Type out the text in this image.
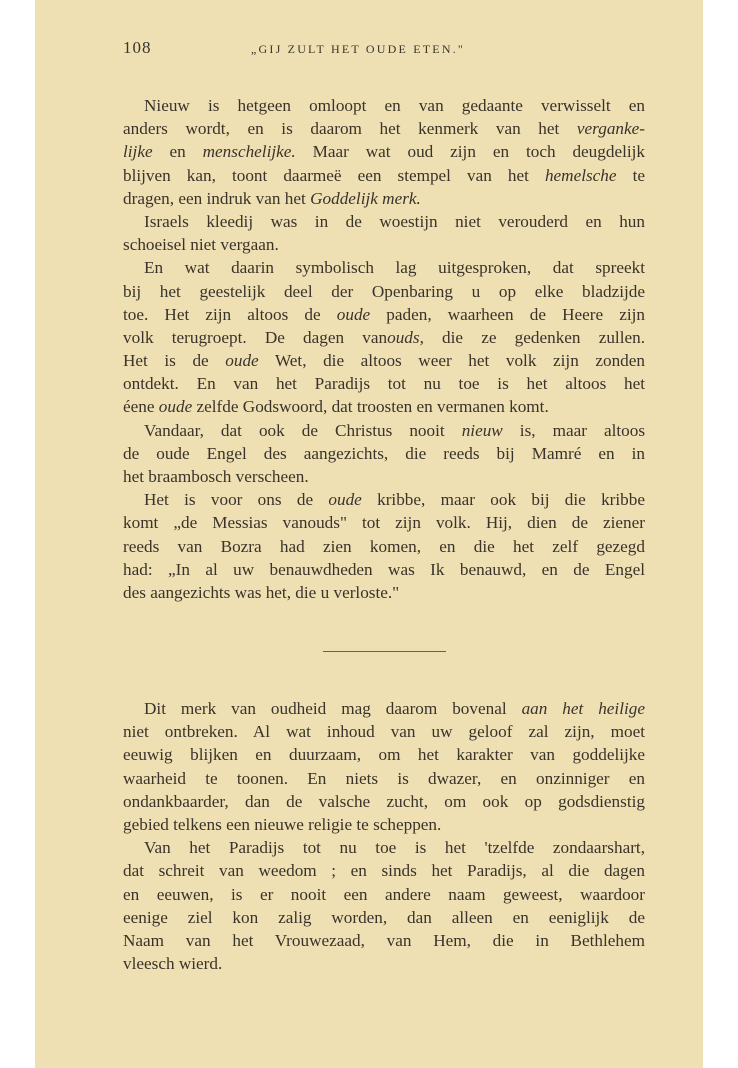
108	„GIJ ZULT HET OUDE ETEN."
Nieuw is hetgeen omloopt en van gedaante verwisselt en
anders wordt, en is daarom het kenmerk van het vergankе-
lijke en menschelijke. Maar wat oud zijn en toch deugdelijk
blijven kan, toont daarmeë een stempel van het hemelsche te
dragen, een indruk van het Goddelijk merk.
Israels kleedij was in de woestijn niet verouderd en hun
schoeisel niet vergaan.
En wat daarin symbolisch lag uitgesproken, dat spreekt
bij het geestelijk deel der Openbaring u op elke bladzijde
toe. Het zijn altoos de oude paden, waarheen de Heere zijn
volk terugroept. De dagen vanouds, die ze gedenken zullen.
Het is de oude Wet, die altoos weer het volk zijn zonden
ontdekt. En van het Paradijs tot nu toe is het altoos het
éene oude zelfde Godswoord, dat troosten en vermanen komt.
Vandaar, dat ook de Christus nooit nieuw is, maar altoos
de oude Engel des aangezichts, die reeds bij Mamré en in
het braambosch verscheen.
Het is voor ons de oude kribbe, maar ook bij die kribbe
komt „de Messias vanouds" tot zijn volk. Hij, dien de ziener
reeds van Bozra had zien komen, en die het zelf gezegd
had: „In al uw benauwdheden was Ik benauwd, en de Engel
des aangezichts was het, die u verloste."
Dit merk van oudheid mag daarom bovenal aan het heilige
niet ontbreken. Al wat inhoud van uw geloof zal zijn, moet
eeuwig blijken en duurzaam, om het karakter van goddelijke
waarheid te toonen. En niets is dwazer, en onzinniger en
ondankbaarder, dan de valsche zucht, om ook op godsdienstig
gebied telkens een nieuwe religie te scheppen.
Van het Paradijs tot nu toe is het 'tzelfde zondaarshart,
dat schreit van weedom ; en sinds het Paradijs, al die dagen
en eeuwen, is er nooit een andere naam geweest, waardoor
eenige ziel kon zalig worden, dan alleen en eeniglijk de
Naam van het Vrouwezaad, van Hem, die in Bethlehem
vleesch wierd.
